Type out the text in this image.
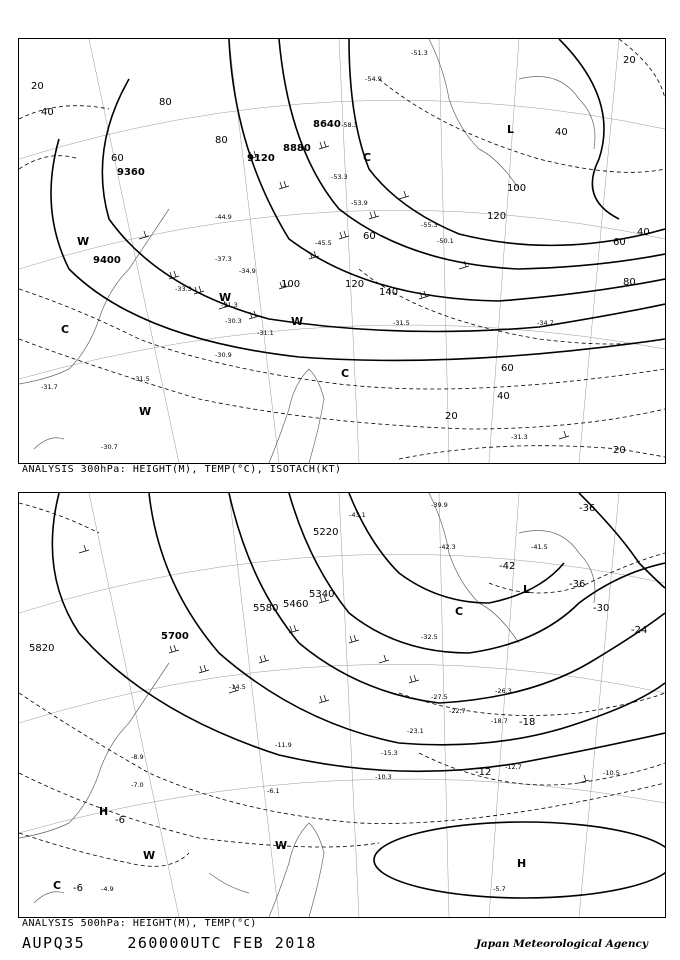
8640
8880
9120
9360
9400
20
40
60
80
100	120
140
60
80
100
120
40
60
80
20
40
60
20
20
40
L
C
C
C
W
W
W
W
-51.3
-54.9
-58.3
-53.3
-53.9
-55.3
-50.1
-44.9
-45.5
-37.3
-34.9
-33.3
-31.3
-30.3
-31.1
-34.7
-31.5
-30.9
-30.7
-31.3
-31.7
-31.5
ANALYSIS 300hPa: HEIGHT(M), TEMP(°C), ISOTACH(KT)
5820
5700
5580 5460
5340
5220
-36
-42
-36
-30
-24
-18
-12
-6
-6
L
C
C
H
H
W
W
-39.9
-42.3	-41.5
-43.1
-32.5
-27.5
-26.3
-22.7
-18.7
-15.3
-11.9
-10.5
-10.3
-8.9
-7.0
-6.1
-5.7
-4.9
-14.5
-23.1
-12.7
ANALYSIS 500hPa: HEIGHT(M), TEMP(°C)
AUPQ35	260000UTC FEB 2018	Japan Meteorological Agency
